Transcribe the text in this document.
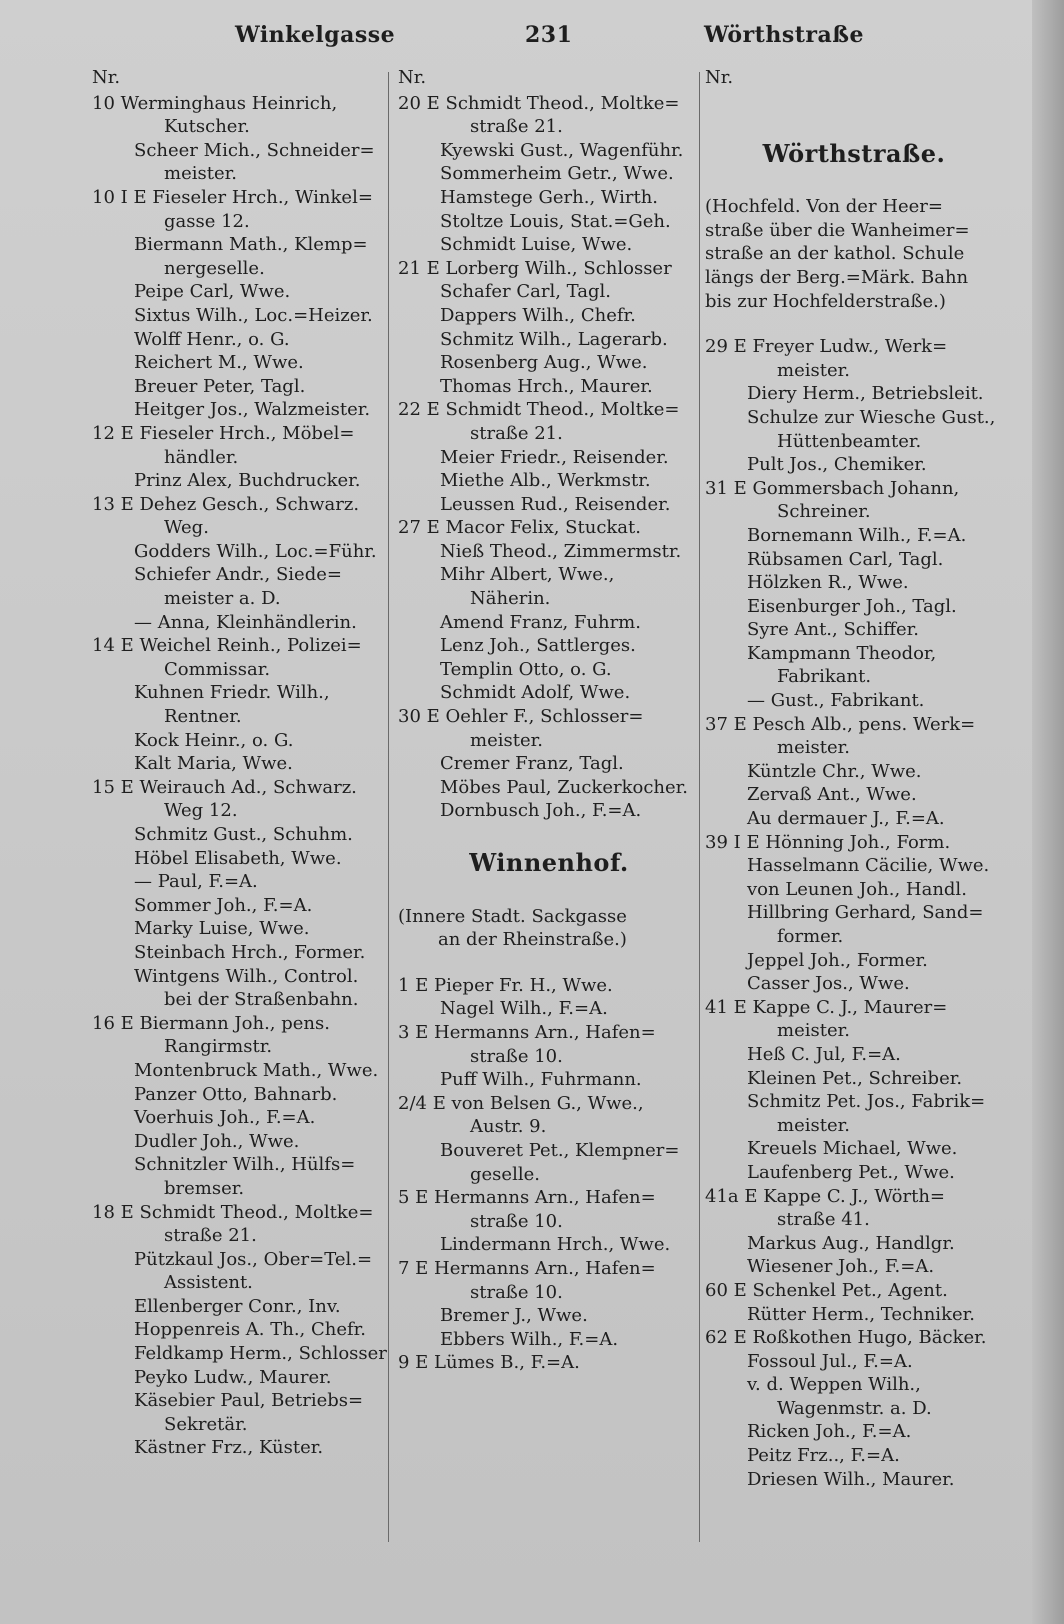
Winkelgasse	231	Wörthstraße
Nr.
10 Werminghaus Heinrich,
Kutscher.
Scheer Mich., Schneider=
meister.
10 I E Fieseler Hrch., Winkel=
gasse 12.
Biermann Math., Klemp=
nergeselle.
Peipe Carl, Wwe.
Sixtus Wilh., Loc.=Heizer.
Wolff Henr., o. G.
Reichert M., Wwe.
Breuer Peter, Tagl.
Heitger Jos., Walzmeister.
12 E Fieseler Hrch., Möbel=
händler.
Prinz Alex, Buchdrucker.
13 E Dehez Gesch., Schwarz.
Weg.
Godders Wilh., Loc.=Führ.
Schiefer Andr., Siede=
meister a. D.
— Anna, Kleinhändlerin.
14 E Weichel Reinh., Polizei=
Commissar.
Kuhnen Friedr. Wilh.,
Rentner.
Kock Heinr., o. G.
Kalt Maria, Wwe.
15 E Weirauch Ad., Schwarz.
Weg 12.
Schmitz Gust., Schuhm.
Höbel Elisabeth, Wwe.
— Paul, F.=A.
Sommer Joh., F.=A.
Marky Luise, Wwe.
Steinbach Hrch., Former.
Wintgens Wilh., Control.
bei der Straßenbahn.
16 E Biermann Joh., pens.
Rangirmstr.
Montenbruck Math., Wwe.
Panzer Otto, Bahnarb.
Voerhuis Joh., F.=A.
Dudler Joh., Wwe.
Schnitzler Wilh., Hülfs=
bremser.
18 E Schmidt Theod., Moltke=
straße 21.
Pützkaul Jos., Ober=Tel.=
Assistent.
Ellenberger Conr., Inv.
Hoppenreis A. Th., Chefr.
Feldkamp Herm., Schlosser
Peyko Ludw., Maurer.
Käsebier Paul, Betriebs=
Sekretär.
Kästner Frz., Küster.
Nr.
20 E Schmidt Theod., Moltke=
straße 21.
Kyewski Gust., Wagenführ.
Sommerheim Getr., Wwe.
Hamstege Gerh., Wirth.
Stoltze Louis, Stat.=Geh.
Schmidt Luise, Wwe.
21 E Lorberg Wilh., Schlosser
Schafer Carl, Tagl.
Dappers Wilh., Chefr.
Schmitz Wilh., Lagerarb.
Rosenberg Aug., Wwe.
Thomas Hrch., Maurer.
22 E Schmidt Theod., Moltke=
straße 21.
Meier Friedr., Reisender.
Miethe Alb., Werkmstr.
Leussen Rud., Reisender.
27 E Macor Felix, Stuckat.
Nieß Theod., Zimmermstr.
Mihr Albert, Wwe.,
Näherin.
Amend Franz, Fuhrm.
Lenz Joh., Sattlerges.
Templin Otto, o. G.
Schmidt Adolf, Wwe.
30 E Oehler F., Schlosser=
meister.
Cremer Franz, Tagl.
Möbes Paul, Zuckerkocher.
Dornbusch Joh., F.=A.
Winnenhof.
(Innere Stadt. Sackgasse
an der Rheinstraße.)
1 E Pieper Fr. H., Wwe.
Nagel Wilh., F.=A.
3 E Hermanns Arn., Hafen=
straße 10.
Puff Wilh., Fuhrmann.
2/4 E von Belsen G., Wwe.,
Austr. 9.
Bouveret Pet., Klempner=
geselle.
5 E Hermanns Arn., Hafen=
straße 10.
Lindermann Hrch., Wwe.
7 E Hermanns Arn., Hafen=
straße 10.
Bremer J., Wwe.
Ebbers Wilh., F.=A.
9 E Lümes B., F.=A.
Nr.
Wörthstraße.
(Hochfeld. Von der Heer=
straße über die Wanheimer=
straße an der kathol. Schule
längs der Berg.=Märk. Bahn
bis zur Hochfelderstraße.)
29 E Freyer Ludw., Werk=
meister.
Diery Herm., Betriebsleit.
Schulze zur Wiesche Gust.,
Hüttenbeamter.
Pult Jos., Chemiker.
31 E Gommersbach Johann,
Schreiner.
Bornemann Wilh., F.=A.
Rübsamen Carl, Tagl.
Hölzken R., Wwe.
Eisenburger Joh., Tagl.
Syre Ant., Schiffer.
Kampmann Theodor,
Fabrikant.
— Gust., Fabrikant.
37 E Pesch Alb., pens. Werk=
meister.
Küntzle Chr., Wwe.
Zervaß Ant., Wwe.
Au dermauer J., F.=A.
39 I E Hönning Joh., Form.
Hasselmann Cäcilie, Wwe.
von Leunen Joh., Handl.
Hillbring Gerhard, Sand=
former.
Jeppel Joh., Former.
Casser Jos., Wwe.
41 E Kappe C. J., Maurer=
meister.
Heß C. Jul, F.=A.
Kleinen Pet., Schreiber.
Schmitz Pet. Jos., Fabrik=
meister.
Kreuels Michael, Wwe.
Laufenberg Pet., Wwe.
41a E Kappe C. J., Wörth=
straße 41.
Markus Aug., Handlgr.
Wiesener Joh., F.=A.
60 E Schenkel Pet., Agent.
Rütter Herm., Techniker.
62 E Roßkothen Hugo, Bäcker.
Fossoul Jul., F.=A.
v. d. Weppen Wilh.,
Wagenmstr. a. D.
Ricken Joh., F.=A.
Peitz Frz.., F.=A.
Driesen Wilh., Maurer.
